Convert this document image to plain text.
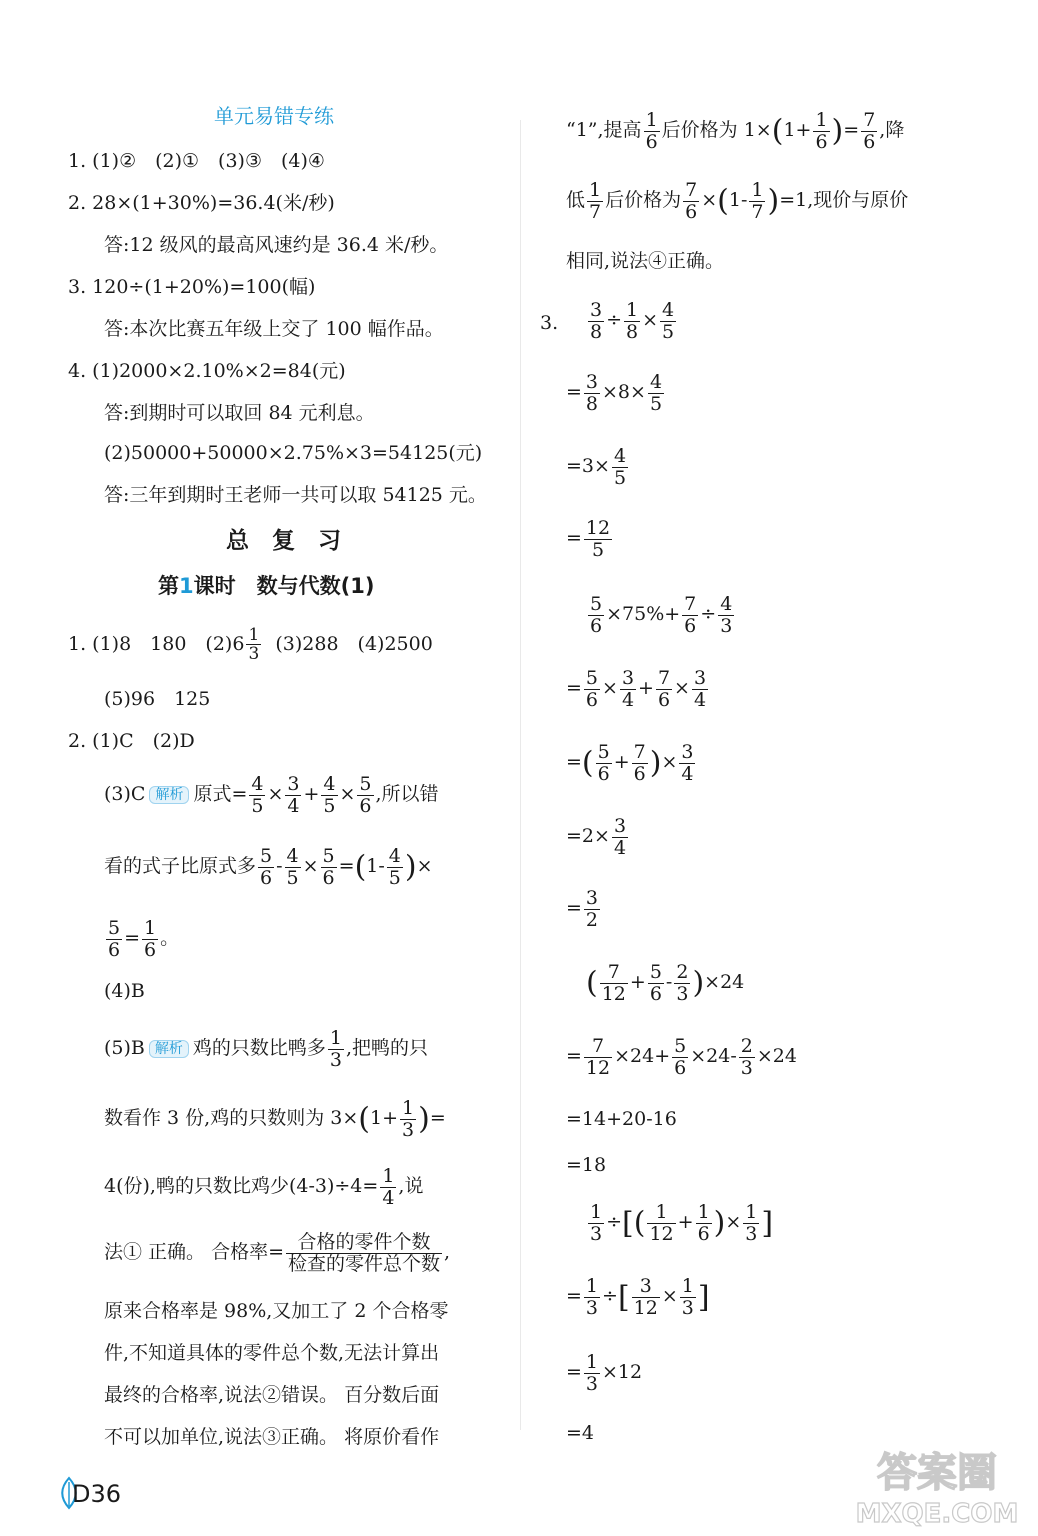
单元易错专练
1. (1)②　(2)①　(3)③　(4)④
2. 28×(1+30%)=36.4(米/秒)
答:12 级风的最高风速约是 36.4 米/秒。
3. 120÷(1+20%)=100(幅)
答:本次比赛五年级上交了 100 幅作品。
4. (1)2000×2.10%×2=84(元)
答:到期时可以取回 84 元利息。
(2)50000+50000×2.75%×3=54125(元)
答:三年到期时王老师一共可以取 54125 元。
总　复　习
第1课时　数与代数(1)
1. (1)8　180　$(2)6 \frac{1}{3} (3)288$　(4)2500
(5)96　125
2. (1)C　(2)D
(3)C 解析 原式= $\frac{4}{5} \times \frac{3}{4} + \frac{4}{5} \times \frac{5}{6}$ ,所以错
看的式子比原式多 $\frac{5}{6} - \frac{4}{5} \times \frac{5}{6} =(1- \frac{4}{5}$ )×
$\frac{5}{6} = \frac{1}{6}$ 。
(4)B
(5)B 解析 鸡的只数比鸭多 $\frac{1}{3}$ ,把鸭的只
数看作 3 份,鸡的只数则为 $3\times(1+ \frac{1}{3}$ )=
4(份),鸭的只数比鸡少$(4-3)\div 4= \frac{1}{4}$ ,说
法① 正确。 合格率= $\frac{\text{合格的零件个数}}{\text{检查的零件总个数}}$ ,
原来合格率是 98%,又加工了 2 个合格零
件,不知道具体的零件总个数,无法计算出
最终的合格率,说法②错误。 百分数后面
不可以加单位,说法③正确。 将原价看作
“1”,提高 $\frac{1}{6}$ 后价格为 $1\times(1+ \frac{1}{6}$ )= $\frac{7}{6}$ ,降
低 $\frac{1}{7}$ 后价格为 $\frac{7}{6} \times(1- \frac{1}{7} )=1$,现价与原价
相同,说法④正确。
3. $\frac{3}{8} \div \frac{1}{8} \times \frac{4}{5}$
= $\frac{3}{8} \times 8\times \frac{4}{5}$
$=3\times \frac{4}{5}$
= $\frac{12}{5}$
$\frac{5}{6} \times 75\%+ \frac{7}{6} \div \frac{4}{3}$
= $\frac{5}{6} \times \frac{3}{4} + \frac{7}{6} \times \frac{3}{4}$
=( $\frac{5}{6} + \frac{7}{6}$ )× $\frac{3}{4}$
$=2\times \frac{3}{4}$
= $\frac{3}{2}$
( $\frac{7}{12} + \frac{5}{6} - \frac{2}{3} )\times 24$
= $\frac{7}{12} \times 24+ \frac{5}{6} \times 24- \frac{2}{3} \times 24$
=14+20-16
=18
$\frac{1}{3}$ ÷[( $\frac{1}{12} + \frac{1}{6}$ )× $\frac{1}{3}$ ]
= $\frac{1}{3}$ ÷[ $\frac{3}{12} \times \frac{1}{3}$ ]
= $\frac{1}{3} \times 12$
=4
D36	答案圈
MXQE.COM
